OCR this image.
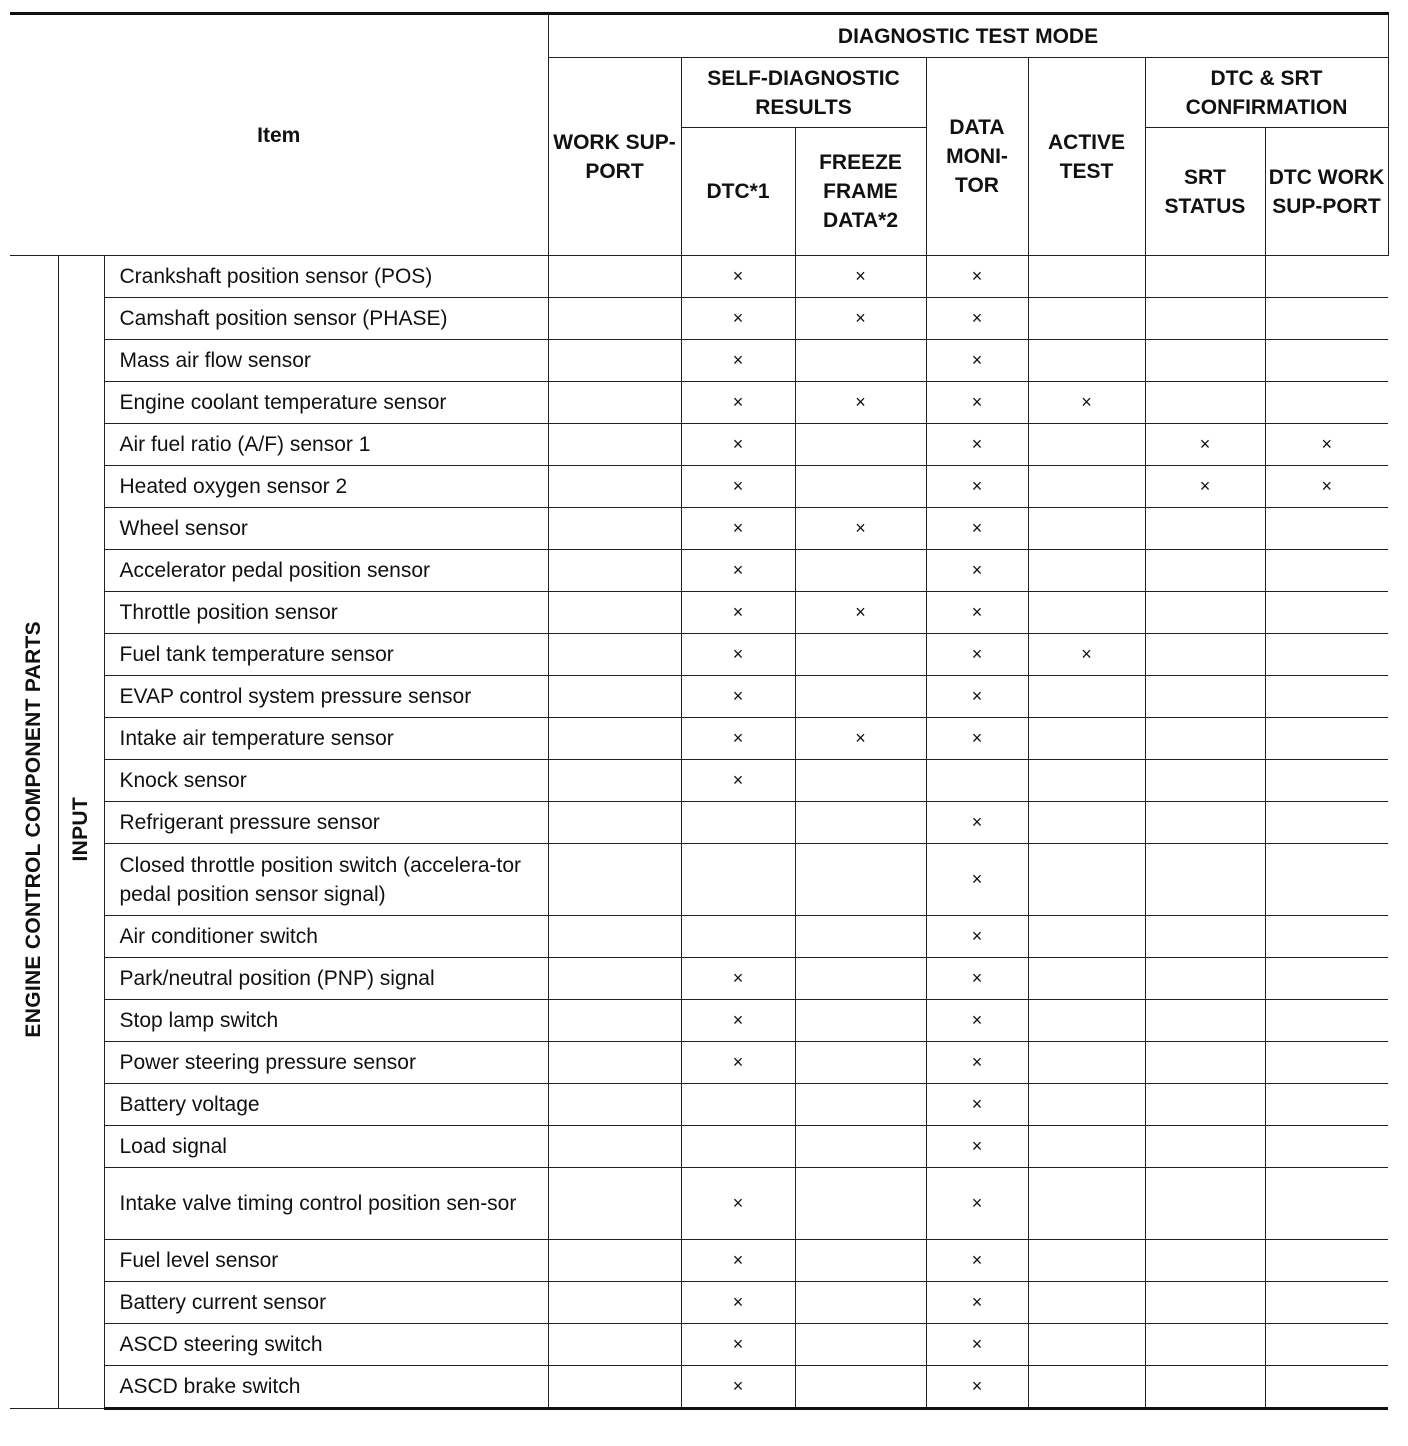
Item			DIAGNOSTIC TEST MODE						
			WORK SUP-PORT	SELF-DIAGNOSTIC RESULTS		DATA MONI-TOR	ACTIVE TEST	DTC & SRT CONFIRMATION	
				DTC*1	FREEZE FRAME DATA*2			SRT STATUS	DTC WORK SUP-PORT
ENGINE CONTROL COMPONENT PARTS	INPUT	Crankshaft position sensor (POS)		×	×	×			
		Camshaft position sensor (PHASE)		×	×	×			
		Mass air flow sensor		×		×			
		Engine coolant temperature sensor		×	×	×	×		
		Air fuel ratio (A/F) sensor 1		×		×		×	×
		Heated oxygen sensor 2		×		×		×	×
		Wheel sensor		×	×	×			
		Accelerator pedal position sensor		×		×			
		Throttle position sensor		×	×	×			
		Fuel tank temperature sensor		×		×	×		
		EVAP control system pressure sensor		×		×			
		Intake air temperature sensor		×	×	×			
		Knock sensor		×					
		Refrigerant pressure sensor				×			
		Closed throttle position switch (accelera-tor pedal position sensor signal)				×			
		Air conditioner switch				×			
		Park/neutral position (PNP) signal		×		×			
		Stop lamp switch		×		×			
		Power steering pressure sensor		×		×			
		Battery voltage				×			
		Load signal				×			
		Intake valve timing control position sen-sor		×		×			
		Fuel level sensor		×		×			
		Battery current sensor		×		×			
		ASCD steering switch		×		×			
		ASCD brake switch		×		×			
